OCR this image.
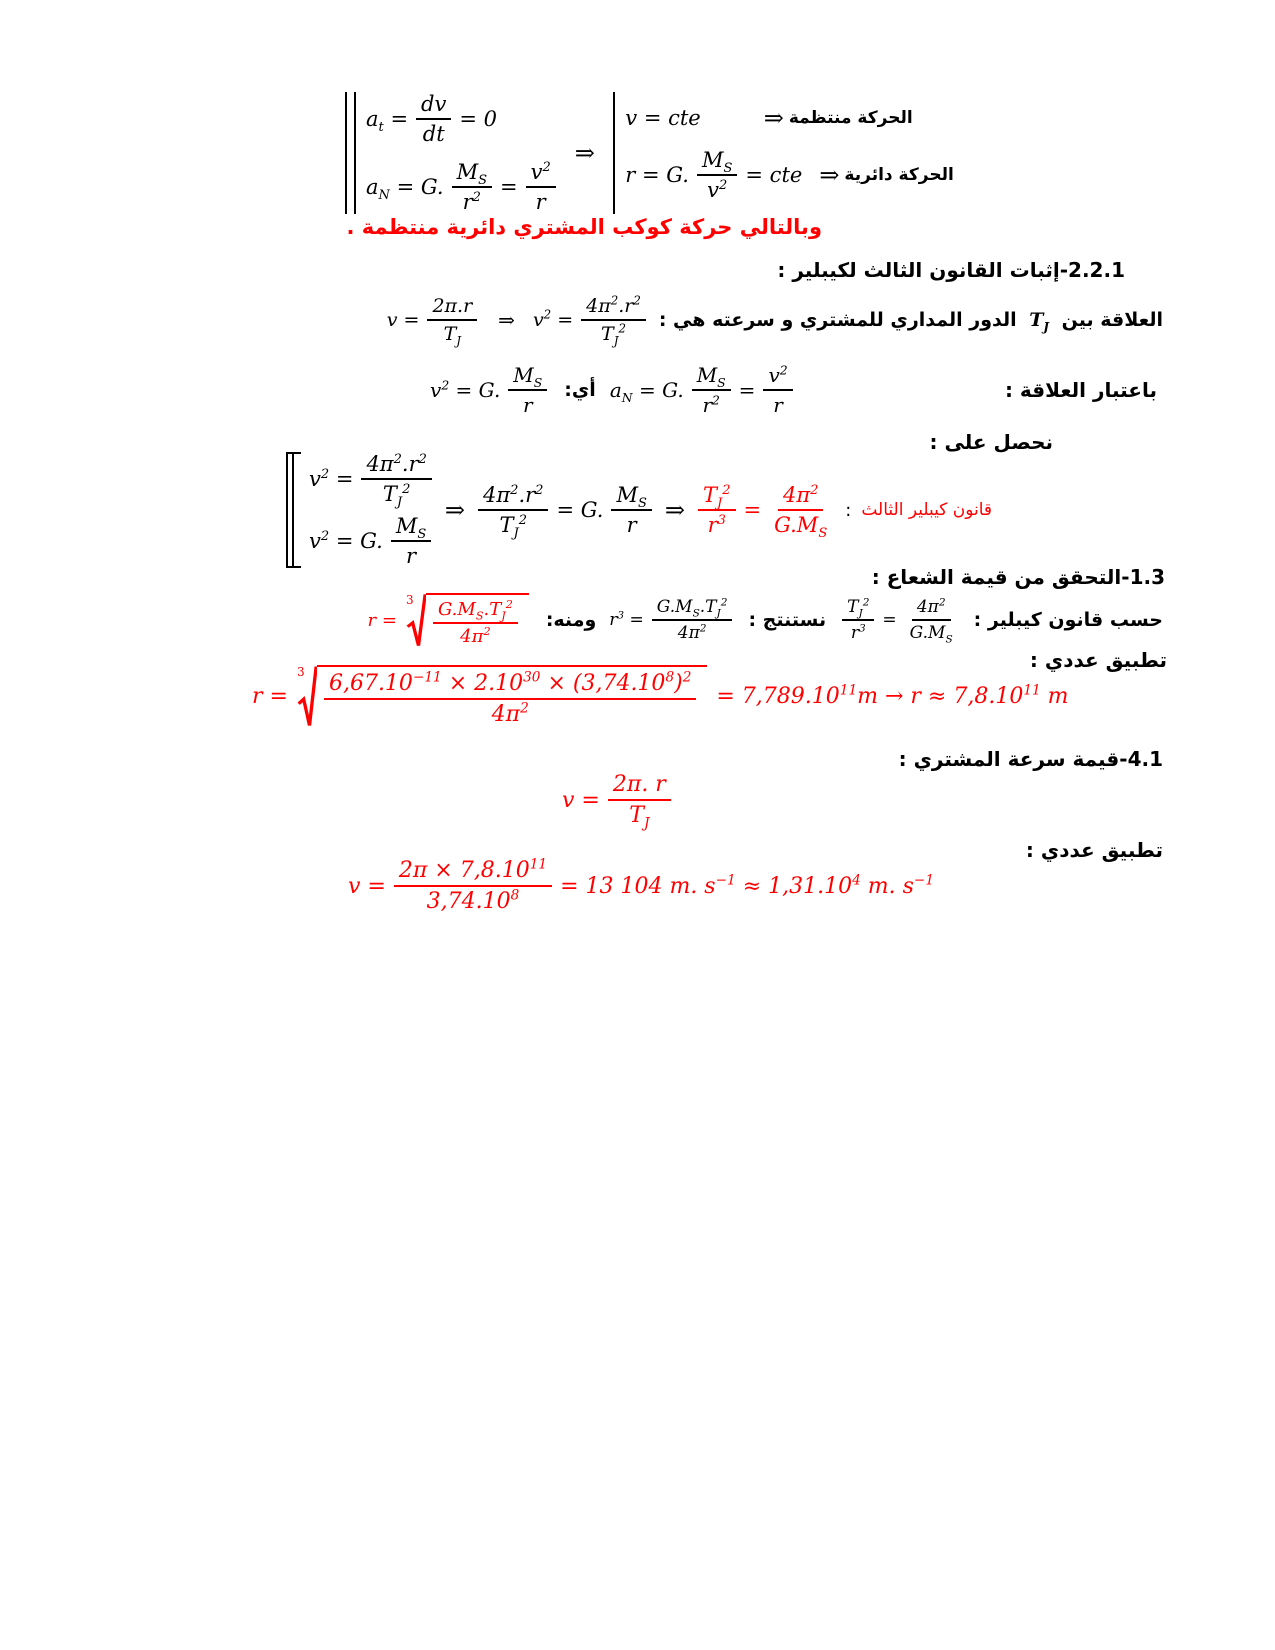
$a_t = \frac{dv}{dt} = 0$
$a_N = G$. $\frac{M_S}{r^2} = \frac{v^2}{r}$
⇒
v = cte	⇒ الحركة منتظمة
r = G. $\frac{M_S}{v^2}$ = cte ⇒ الحركة دائرية
وبالتالي حركة كوكب المشتري دائرية منتظمة .
2.2.1-إثبات القانون الثالث لكيبلير :
العلاقة بين $T_J$ الدور المداري للمشتري و سرعته هي :
$v = \frac{2\pi.r}{T_J}$ ⇒ $v^2 = \frac{4\pi^2.r^2}{T_J^2}$
باعتبار العلاقة :
$a_N = G$. $\frac{M_S}{r^2} = \frac{v^2}{r}$
أي:
$v^2 = G$. $\frac{M_S}{r}$
نحصل على :
$v^2 = \frac{4\pi^2.r^2}{T_J^2}$
$v^2 = G$. $\frac{M_S}{r}$
⇒ $\frac{4\pi^2.r^2}{T_J^2} = G$. $\frac{M_S}{r}$ ⇒ $\frac{T_J^2}{r^3} = \frac{4\pi^2}{G.M_S}$ : قانون كيبلير الثالث
1.3-التحقق من قيمة الشعاع :
حسب قانون كيبلير :
$\frac{T_J^2}{r^3} = \frac{4\pi^2}{G.M_S}$
نستنتج :
$r^3 = \frac{G.M_S.T_J^2}{4\pi^2}$
ومنه:
r =
$3 \frac{G.M_S.T_J^2}{4\pi^2}$
تطبيق عددي :
r =
$3 \frac{6,67.10^{-11} \times 2.10^{30} \times (3,74.10^8)^2}{4\pi^2} = 7,789.10^{11}m \to r \approx 7,8.10^{11}$ m
4.1-قيمة سرعة المشتري :
$v = \frac{2\pi. r}{T_J}$
تطبيق عددي :
$v = \frac{2\pi \times 7,8.10^{11}}{3,74.10^8} = 13$ 104 m. $s^{-1} \approx 1,31.10^4$ m. $s^{-1}$
